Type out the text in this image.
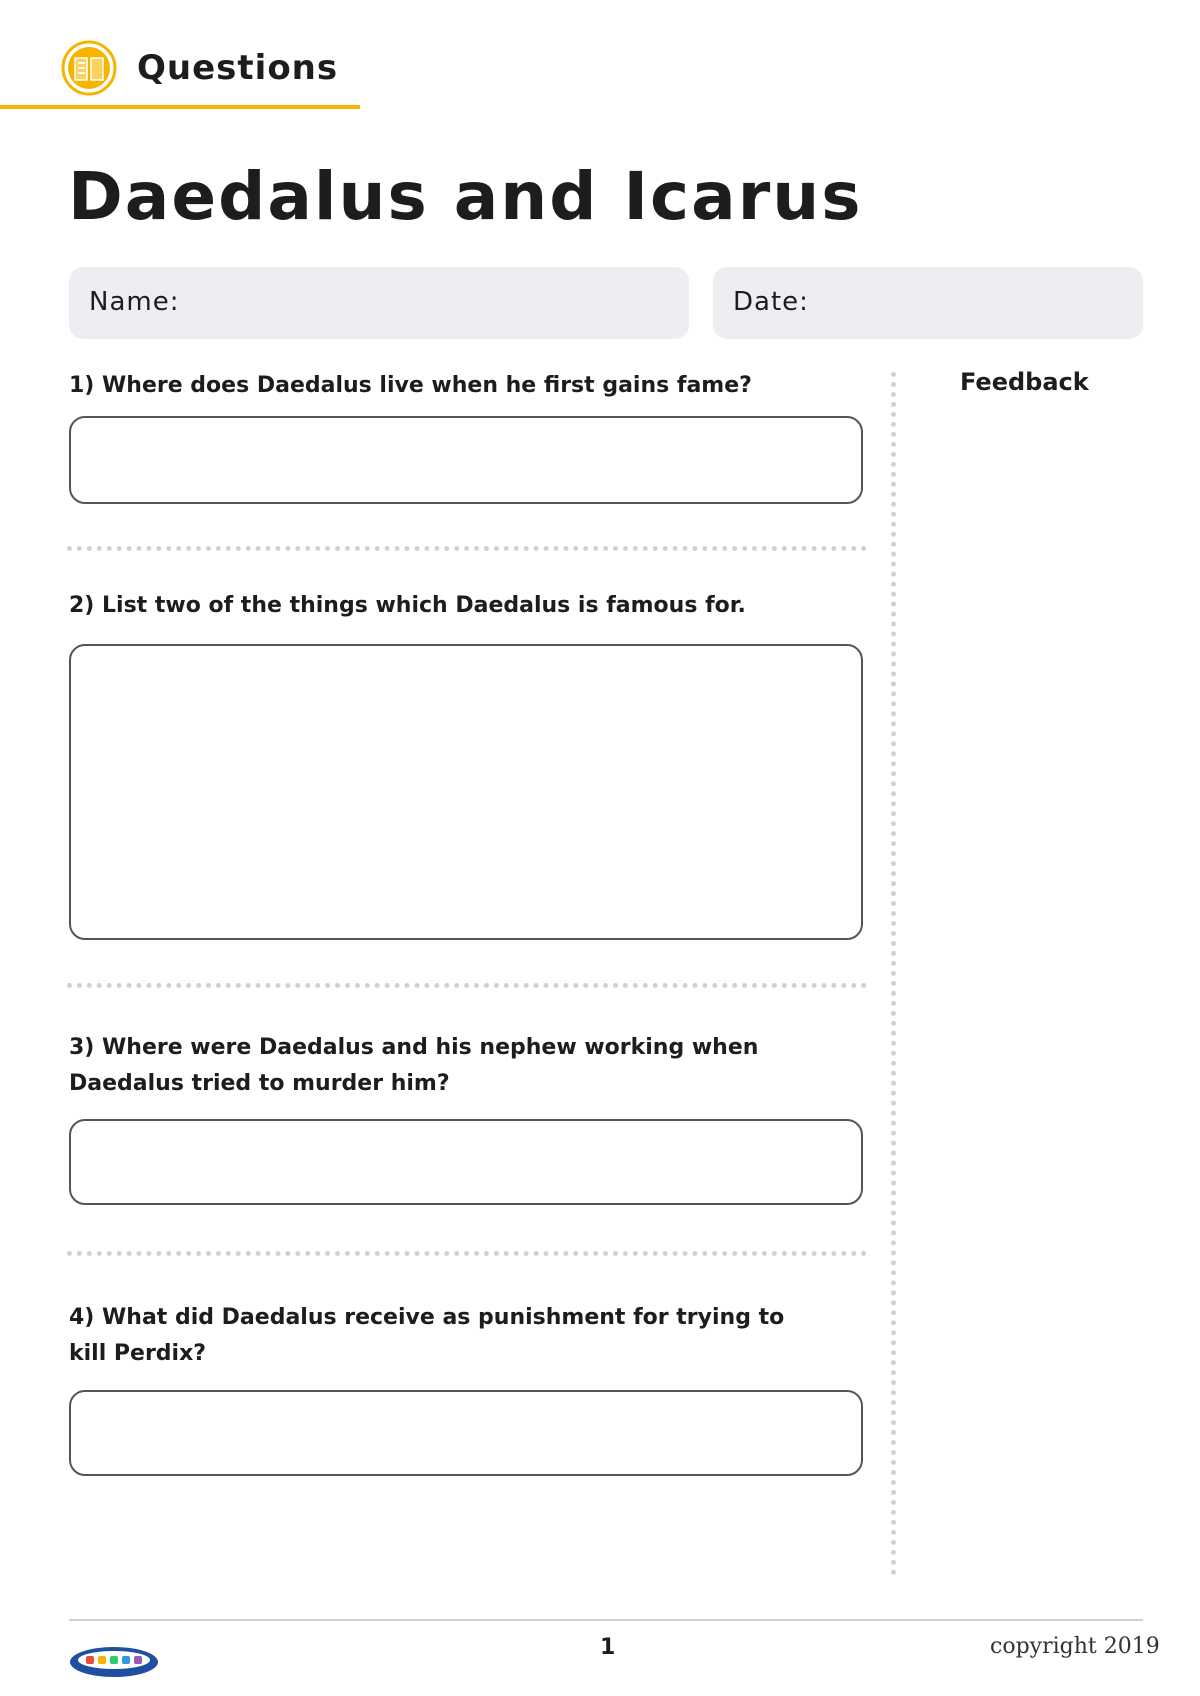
Questions
Daedalus and Icarus
Name:	Date:
1) Where does Daedalus live when he first gains fame?
2) List two of the things which Daedalus is famous for.
3) Where were Daedalus and his nephew working when Daedalus tried to murder him?
4) What did Daedalus receive as punishment for trying to kill Perdix?
Feedback
1	copyright 2019
